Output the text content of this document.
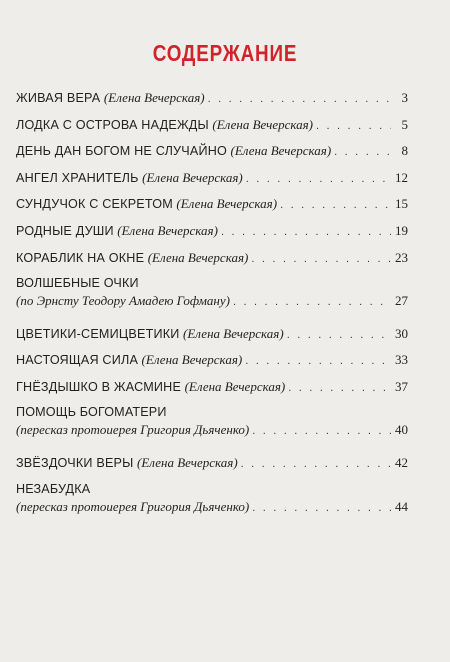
СОДЕРЖАНИЕ
ЖИВАЯ ВЕРА
(Елена Вечерская) . . .	3
ЛОДКА С ОСТРОВА НАДЕЖДЫ
(Елена Вечерская) . . .	5
ДЕНЬ ДАН БОГОМ НЕ СЛУЧАЙНО
(Елена Вечерская) . . .	8
АНГЕЛ ХРАНИТЕЛЬ
(Елена Вечерская) . . .	12
СУНДУЧОК С СЕКРЕТОМ
(Елена Вечерская) . . .	15
РОДНЫЕ ДУШИ
(Елена Вечерская) . . .	19
КОРАБЛИК НА ОКНЕ
(Елена Вечерская) . . .	23
ВОЛШЕБНЫЕ ОЧКИ
(по Эрнсту Теодору Амадею Гофману) . . .	27
ЦВЕТИКИ-СЕМИЦВЕТИКИ
(Елена Вечерская) . . .	30
НАСТОЯЩАЯ СИЛА
(Елена Вечерская) . . .	33
ГНЁЗДЫШКО В ЖАСМИНЕ
(Елена Вечерская) . . .	37
ПОМОЩЬ БОГОМАТЕРИ
(пересказ протоиерея Григория Дьяченко) . . .	40
ЗВЁЗДОЧКИ ВЕРЫ
(Елена Вечерская) . . .	42
НЕЗАБУДКА
(пересказ протоиерея Григория Дьяченко) . . .	44
